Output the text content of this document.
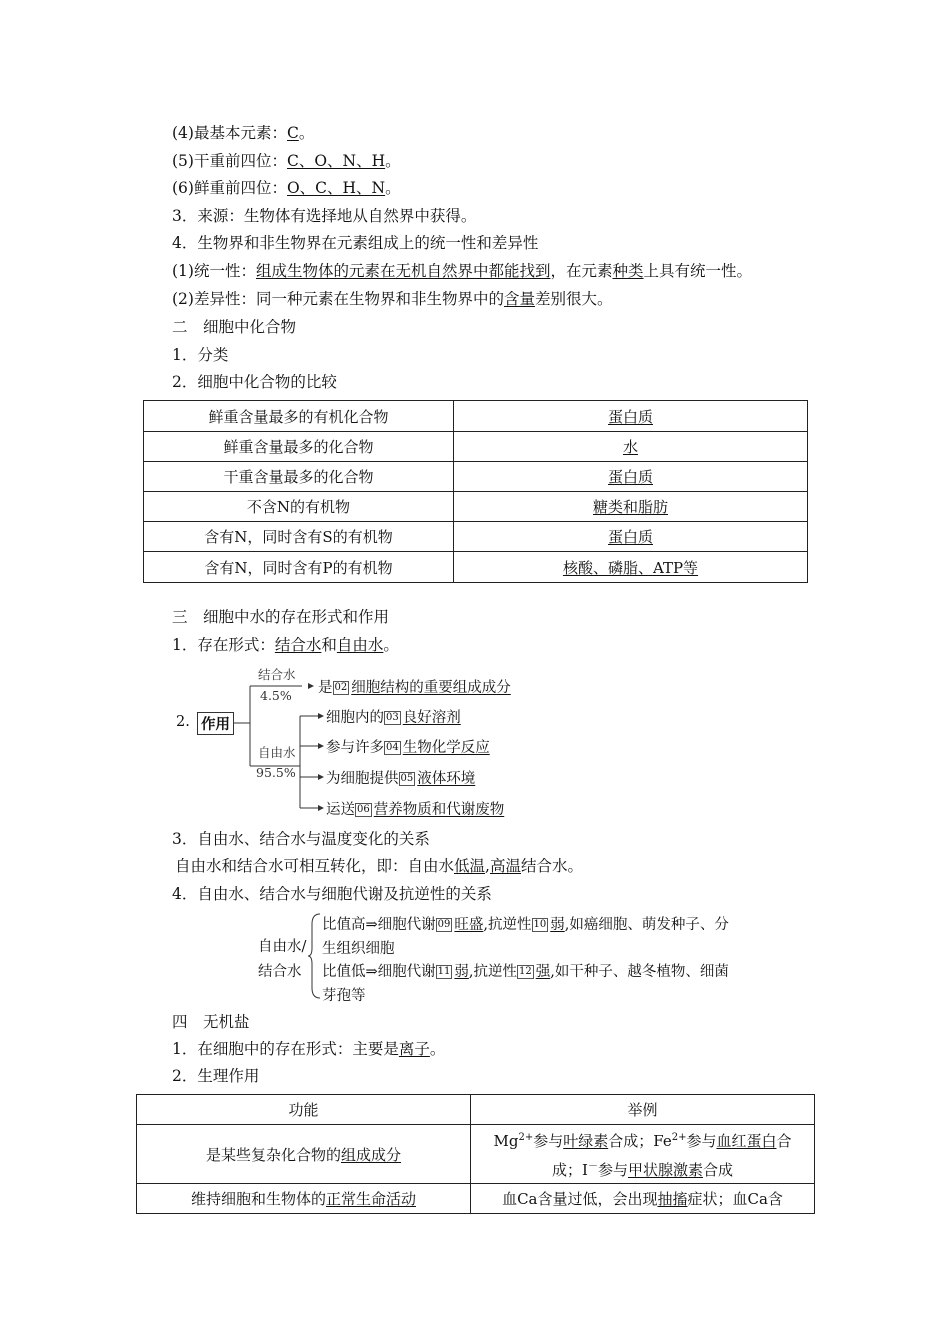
(4)最基本元素：C。
(5)干重前四位：C、O、N、H。
(6)鲜重前四位：O、C、H、N。
3．来源：生物体有选择地从自然界中获得。
4．生物界和非生物界在元素组成上的统一性和差异性
(1)统一性：组成生物体的元素在无机自然界中都能找到，在元素种类上具有统一性。
(2)差异性：同一种元素在生物界和非生物界中的含量差别很大。
二　细胞中化合物
1．分类
2．细胞中化合物的比较
鲜重含量最多的有机化合物	蛋白质
鲜重含量最多的化合物	水
干重含量最多的化合物	蛋白质
不含N的有机物	糖类和脂肪
含有N，同时含有S的有机物	蛋白质
含有N，同时含有P的有机物	核酸、磷脂、ATP等
三　细胞中水的存在形式和作用
1．存在形式：结合水和自由水。
2. 作用
结合水
4.5% 是 02 细胞结构的重要组成成分
自由水
95.5%
细胞内的 03 良好溶剂
参与许多 04 生物化学反应
为细胞提供 05 液体环境
运送 06 营养物质和代谢废物
3．自由水、结合水与温度变化的关系
自由水和结合水可相互转化，即：自由水低温,高温结合水。
4．自由水、结合水与细胞代谢及抗逆性的关系
自由水/
结合水
比值高⇒细胞代谢 09 旺盛,抗逆性 10 弱,如癌细胞、萌发种子、分
生组织细胞
比值低⇒细胞代谢 11 弱,抗逆性 12 强,如干种子、越冬植物、细菌
芽孢等
四　无机盐
1．在细胞中的存在形式：主要是离子。
2．生理作用
功能	举例
是某些复杂化合物的组成成分	$Mg^{2+}$参与叶绿素合成；$Fe^{2+}$参与血红蛋白合
成；I－参与甲状腺激素合成
维持细胞和生物体的正常生命活动	血Ca含量过低，会出现抽搐症状；血Ca含
